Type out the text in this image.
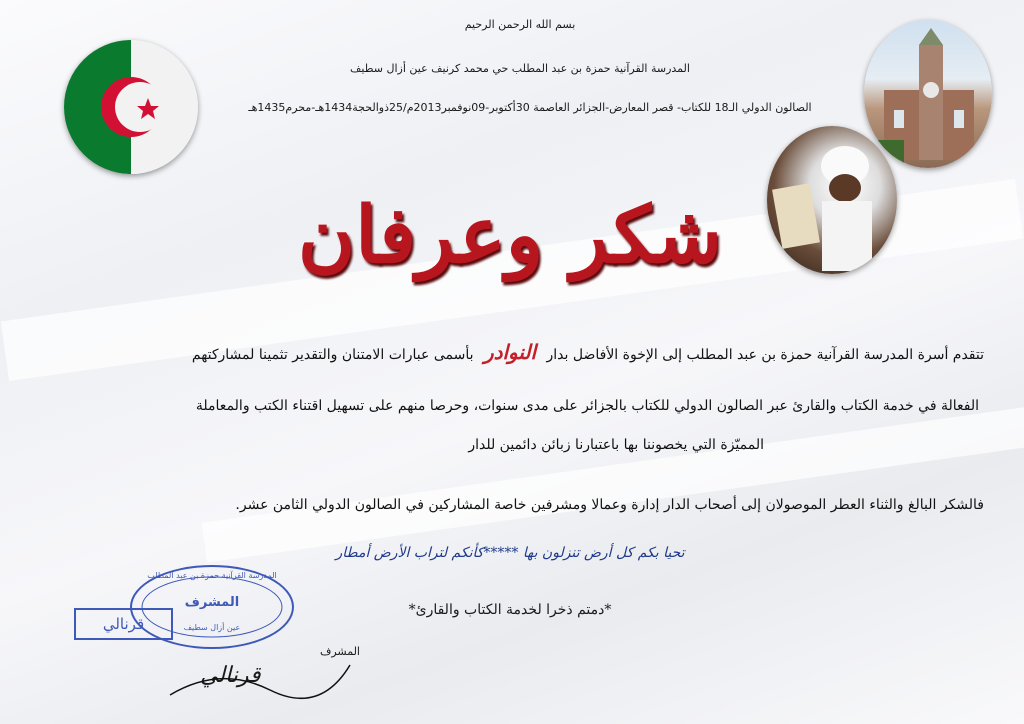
بسم الله الرحمن الرحيم
المدرسة القرآنية حمزة بن عبد المطلب حي محمد كرنيف عين أزال سطيف
الصالون الدولي الـ18 للكتاب- قصر المعارض-الجزائر العاصمة 30أكتوبر-09نوفمبر2013م/25ذوالحجة1434هـ-محرم1435هـ
شكر وعرفان
تتقدم أسرة المدرسة القرآنية حمزة بن عبد المطلب إلى الإخوة الأفاضل بدار النوادر بأسمى عبارات الامتنان والتقدير تثمينا لمشاركتهم
الفعالة في خدمة الكتاب والقارئ عبر الصالون الدولي للكتاب بالجزائر على مدى سنوات، وحرصا منهم على تسهيل اقتناء الكتب والمعاملة
المميّزة التي يخصوننا بها باعتبارنا زبائن دائمين للدار
فالشكر البالغ والثناء العطر الموصولان إلى أصحاب الدار إدارة وعمالا ومشرفين خاصة المشاركين في الصالون الدولي الثامن عشر.
تحيا بكم كل أرض تنزلون بها *****كأنكم لتراب الأرض أمطار
*دمتم ذخرا لخدمة الكتاب والقارئ*
المدرسة القرآنية حمزة بن عبد المطلب
المشرف
عين أزال سطيف
قرنالي
المشرف
قرنالي
